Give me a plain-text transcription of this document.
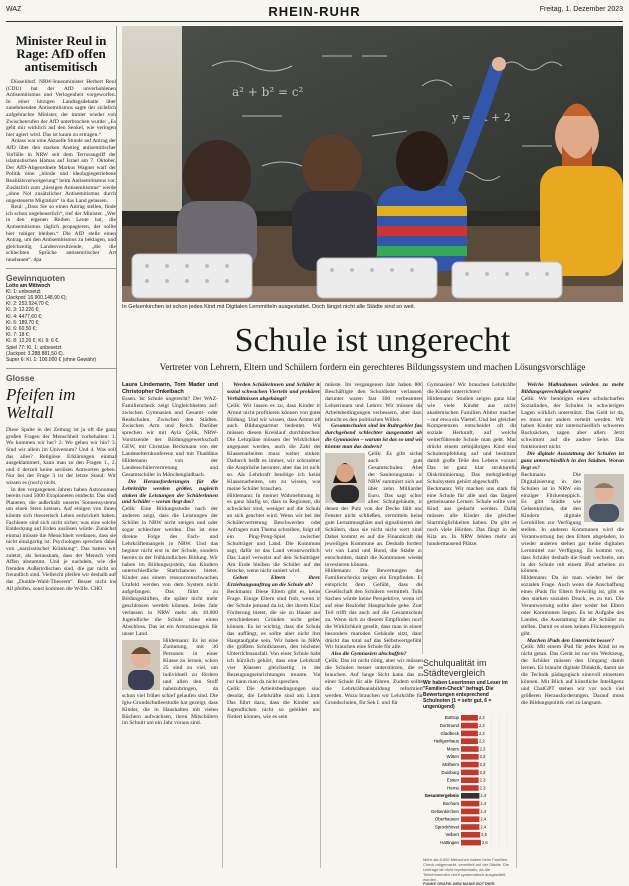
WAZ	RHEIN-RUHR	Freitag, 1. Dezember 2023
Minister Reul in Rage: AfD offen antisemitisch

Düsseldorf. NRW-Innenminister Herbert Reul (CDU) hat der AfD unverhohlenen Antisemitismus und Verlogenheit vorgeworfen. In einer hitzigen Landtagsdebatte über zunehmenden Antisemitismus sagte der sichtlich aufgebrachte Minister, der immer wieder von Zwischenrufen der AfD unterbrochen wurde: „Es geht mir wirklich auf den Senkel, wie verlogen hier agiert wird. Das ist kaum zu ertragen.“

Anlass war eine Aktuelle Stunde auf Antrag der AfD über den starken Anstieg antisemitischer Vorfälle in NRW seit dem Terrorangriff der islamistischen Hamas auf Israel am 7. Oktober. Der AfD-Abgeordnete Markus Wagner warf der Politik eine „blinde und ideologiegetriebene Realitätsverweigerung“ beim Antisemitismus vor. Zusätzlich zum „hiesigen Antisemitismus“ werde „ohne Not zusätzlicher Antisemitismus durch ungesteuerte Migration“ in das Land gelassen.

Reul: „Dass Sie so einen Antrag stellen, finde ich schon ungeheuerlich“, rief der Minister. „Wer in den eigenen Reihen Leute hat, die Antisemitismus täglich propagieren, der sollte hier ruhiger bleiben.“ Die AfD stelle einen Antrag, um den Antisemitismus zu beklagen, und gleichzeitig Landesvorsitzende, „die die schlechten Sprüche antisemitischer Art raushauen“. dpa

Gewinnquoten
Lotto am Mittwoch
Kl. 1: unbesetzt
(Jackpot: 16.900.148,90 €);
Kl. 2: 253.924,70 €;
Kl. 3: 12.226 €;
Kl. 4: 4477,60 €;
Kl. 5: 189,70 €;
Kl. 6: 60,50 €;
Kl. 7: 18 €;
Kl. 8: 12,20 €; Kl. 9: 6 €.
Spiel 77: Kl. 1: unbesetzt
(Jackpot: 3.288.881,50 €).
Super 6: Kl. 1: 100.000 € (ohne Gewähr)
Glosse
Pfeifen im Weltall

Diese Spalte in der Zeitung ist ja oft die ganz großen Fragen der Menschheit vorbehalten: 1. Wo kommen wir her? 2. Wo gehen wir hin? 3. Sind wir allein im Universum? Und 4. Was soll das alles? Religiöse Erklärungen einmal ausgeklammert, kann man zu den Fragen 1., 2. und 4 derzeit keine seriösen Antworten geben. Nur bei der Frage 3 ist der letzte Stand: Wir wissen es (noch) nicht.

In den vergangenen Jahren haben Astronomen bereits rund 5000 Exoplaneten entdeckt. Das sind Planeten, die außerhalb unseres Sonnensystems um einen Stern kreisen. Auf einigen von ihnen könnte sich theoretisch Leben entwickelt haben. Fachleute sind sich nicht sicher, was eine solche Entdeckung auf Erden auslösen würde. Zunächst einmal müsste die Menschheit verdauen, dass sie nicht einzigartig ist. Psychologen sprechen dabei von „narzisstischer Kränkung“. Das hatten wir zuletzt, als herauskam, dass der Mensch vom Affen abstammt. Und je nachdem, wie die fremden Außerirdischen sind, die gar nicht so freundlich sind. Vielleicht pfeifen wir deshalb auf das „Dunkle-Wald-Theorem“. Besser nicht ins All pfeifen, sonst kommen die Wölfe. CHO

a² + b² = c²
y = 3x + 2
In Gelsenkirchen ist schon jedes Kind mit Digitalen Lernmitteln ausgestattet. Doch längst nicht alle Städte sind so weit.
Schule ist ungerecht
Vertreter von Lehrern, Eltern und Schülern fordern ein gerechteres Bildungssystem und machen Lösungsvorschläge
Laura Lindemann, Tom Mader und Christopher Onkelbach

Essen. Ist Schule ungerecht? Der WAZ-Familiencheck zeigt Ungleichheiten auf: zwischen Gymnasien und Gesamt- oder Realschulen. Zwischen den Städten. Zwischen Arm und Reich. Darüber sprechen wir mit Ayla Çelik, NRW-Vorsitzende der Bildungsgewerkschaft GEW, mit Christian Beckmann von der Landeselternkonferenz und mit Thaddäus Hildemann von der Landesschülervertretung und Gesamtschüler in Mönchengladbach.

Die Herausforderungen für die Lehrkräfte werden größer, zugleich sinken die Leistungen der Schülerinnen und Schüler – woran liegt das?

Çelik: Eine Bildungsstudie nach der anderen zeigt, dass die Leistungen der Schüler in NRW nicht steigen und oder sogar schlechter werden. Das ist eine direkte Folge des Fach- und Lehrkräftemangels in NRW. Und das beginnt nicht erst in der Schule, sondern bereits in der frühkindlichen Bildung. Wir haben im Bildungssystem, das Kindern unterschiedliche Startchancen bietet. Kinder aus einem ressourcenschwachen Umfeld werden von dem System nicht aufgefangen. Das führt zu Bildungsklüften, die später nicht mehr geschlossen werden können. Jedes Jahr verlassen in NRW mehr als 10.000 Jugendliche die Schule ohne einen Abschluss. Das ist ein Armutszeugnis für unser Land.

Hildemann: Es ist eine Zumutung, mit 30 Personen in einer Klasse zu lernen, schon 25 sind zu viel, um individuell zu fördern und allen den Stoff nahezubringen, da schon viel früher schief gelaufen sind. Die Iglu-Grundschulleestudie hat gezeigt, dass Kinder, die in Haushalten mit vielen Büchern aufwachsen, ihren Mitschülern im Schnitt um ein Jahr voraus sind.

Werden Schülerinnen und Schüler in sozial schwachen Vierteln und prekären Verhältnissen abgehängt?

Çelik: Wir lassen es zu, dass Kinder in Armut nicht profitieren können von guter Bildung. Und wir wissen, dass Armut oft auch Bildungsarmut bedeutet. Wir müssen diesen Kreislauf durchbrechen. Die Lehrpläne müssen der Wirklichkeit angepasst werden, auch die Zahl der Klassenarbeiten muss weiter sinken. Dadurch heißt es immer, wir schraubten die Ansprüche herunter, aber das ist nicht so. Als Lehrkraft benötige ich keine Klassenarbeiten, um zu wissen, was meine Schüler brauchen.

Hildemann: In meiner Wahrnehmung ist es ganz häufig so, dass in Regionen, die schwächer sind, weniger auf die Schule an sich geachtet wird. Wenn wir bei der Schülervertretung Beschwerden oder Anfragen zum Thema schreiben, folgt oft ein Ping-Pong-Spiel zwischen Schulträger und Land. Die Kommune sagt, dafür ist das Land verantwortlich. Das Land verweist auf den Schulträger. Am Ende bleiben die Schüler auf der Strecke, wenn nicht saniert wird.

Geben Eltern ihren Erziehungsauftrag an die Schule ab?

Beckmann: Diese Eltern gibt es, keine Frage. Einige Eltern sind froh, wenn in der Schule jemand da ist, der ihrem Kind Förderung bietet, die sie zu Hause aus verschiedenen Gründen nicht geben können. Es ist wichtig, dass die Schule das auffängt, es sollte aber nicht ihre Hauptaufgabe sein. Wir haben in NRW die größten Schulklassen, den höchsten Unterrichtsausfall. Von einer Schule habe ich kürzlich gehört, dass eine Lehrkraft vier Klassen gleichzeitig in der Bezeugungseinrichtungen musste. Vor nur kann man da nicht sprechen.

Çelik: Die Arbeitsbedingungen sind desolat, die Lehrkräfte sind am Limit. Das führt dazu, dass die Kinder und Jugendlichen nicht so gebildet und fördert können, wie es sein

müsste. Im vergangenen Jahr haben 800 Beschäftigte den Schuldienst verlassen, darunter waren fast 300 verbeamtete Lehrerinnen und Lehrer. Wir müssen die Arbeitsbedingungen verbessern, aber dazu braucht es den politischen Willen.

Gesamtschulen sind im Ruhrgebiet fast durchgehend schlechter ausgestattet als die Gymnasien – warum ist das so und wie könnte man das ändern?

Çelik: Es gibt sicher auch gute Gesamtschulen. Aber der Sanierungsstau in NRW summiert sich auf über zehn Milliarden Euro. Das sagt schon alles: Schulgebäude, in denen der Putz von der Decke fällt und Fenster nicht schließen, vermitteln keine gute Lernatmosphäre und signalisieren den Schülern, dass sie nicht nicht wert sind. Dabei kommt es auf die Finanzkraft der jeweiligen Kommune an. Deshalb fordern wir von Land und Bund, die Städte zu entschulden, damit die Kommunen wieder investieren können.

Hildemann: Die Bewertungen des Familienchecks zeigen ein Empfinden. Es entspricht dem Gefühl, dass die Gesellschaft den Schülern vermittelt. Tolle Sachen würde keine Perspektive, wenn ich auf eine Realoder Hauptschule gehe. Zum Teil trifft das auch auf die Gesamtschule zu. Wenn sich zu diesem Empfinden noch die Wirklichkeit gesellt, dass man in einem besonders maroden Gebäude sitzt, dann drückt das total auf das Selbstwertgefühl. Wir brauchen eine Schule für alle.

Also die Gymnasien abschaffen?

Çelik: Das ist nicht nötig, aber wir müssen die Schulen besser unterstützen, die es brauchen. Auf lange Sicht kann das zu einer Schule für alle führen. Zudem sollte die Lehrkräfteausbildung reformiert werden. Wozu brauchen wir Lehrkräfte für Grundschulen, für Sek I. und für

Gymnasien? Wir brauchen Lehrkräfte, die Kinder unterrichten!

Hildemann: Studien zeigen ganz klar, wie viele Kinder aus nicht-akademischen Familien Abitur machen – nur etwa ein Viertel. Und bei gleichen Kompetenzen entscheidet oft die soziale Herkunft, auf welche weiterführende Schule man geht. Man drückt einem zehnjährigen Kind eine Schulempfehlung auf und bestimmt damit große Teile des Lebens voraus. Das ist ganz klar strukturelle Diskriminierung. Das mehrgliedrige Schulsystem gehört abgeschafft.

Beckmann: Wir machen uns stark für eine Schule für alle und das längere gemeinsame Lernen. Schule sollte vom Kind aus gedacht werden. Dafür müssen alle Kinder die gleichen Startmöglichkeiten haben. Da gibt es noch viele Hürden. Das fängt in der Kita an. In NRW fehlen mehr als hunderttausend Plätze.

Welche Maßnahmen würden zu mehr Bildungsgerechtigkeit sorgen?

Çelik: Wir benötigen einen schulscharfen Sozialindex, der Schulen in schwierigen Lagen wirklich unterstützt. Das Geld ist da, es muss nur anders verteilt werden. Wir haben Kinder mit unterschiedlich schweren Rucksäcken, sagen aber allen: Jetzt schwimmt auf die andere Seite. Das funktioniert nicht.

Die digitale Ausstattung der Schulen ist ganz unterschiedlich in den Städten. Woran liegt es?

Beckmann: Die Digitalisierung in den Schulen ist in NRW ein einziger Flickenteppich. Es gibt Städte wie Gelsenkirchen, die den Kindern digitale Lernhilfen zur Verfügung stellen. In anderen Kommunen wird die Verantwortung bei den Eltern abgeladen, in wieder anderen stehen gar keine digitalen Lernmittel zur Verfügung. Es kommt vor, dass Schüler deshalb die Stadt wechseln, um in der Schule mit einem iPad arbeiten zu können.

Hildemann: Da ist man wieder bei der sozialen Frage. Auch wenn die Anschaffung eines iPads für Eltern freiwillig ist, gibt es den starken sozialen Druck, es zu tun. Die Verantwortung sollte aber weder bei Eltern oder Kommunen liegen. Es ist Aufgabe des Landes, die Ausstattung für alle Schüler zu stellen. Damit es einen keinen Flickenteppich gibt.

Machen iPads den Unterricht besser?

Çelik: Mit einem iPad für jedes Kind ist es nicht getan. Das Gerät ist nur ein Werkzeug, der Schüler müssen den Umgang damit lernen. Es braucht digitale Didaktik, damit sie die Technik pädagogisch sinnvoll einsetzen können. Mit Blick auf künstliche Intelligenz und ChatGPT stehen wir vor noch viel größeren Herausforderungen. Darauf muss die Bildungspolitik viel zu langsam.

Schulqualität im Städtevergleich
Wir haben Leserinnen und Leser im "Familien-Check" befragt. Die Bewertungen entsprechend Schulnoten (1 = sehr gut, 6 = ungenügend)
Bottrop	2,2
Dortmund	2,2
Gladbeck	2,2
Heiligenhaus	2,2
Moers	2,3
Witten	2,3
Mülheim	2,3
Duisburg	2,3
Essen	2,3
Herne	2,3
Gesamtergebnis	2,4
Bochum	2,4
Gelsenkirchen	2,4
Oberhausen	2,4
Sprockhövel	2,4
Velbert	2,5
Hattingen	2,6
Mehr als 8.500 Menschen haben beim Familien-Check mitgemacht, vermittelt auf der Städte. Die Umfrage ist nicht repräsentativ, da die Teilnehmenden nicht systematisch ausgewählt wurden.
FUNKE GRAFIK NRW MAIKE BOTTNER
